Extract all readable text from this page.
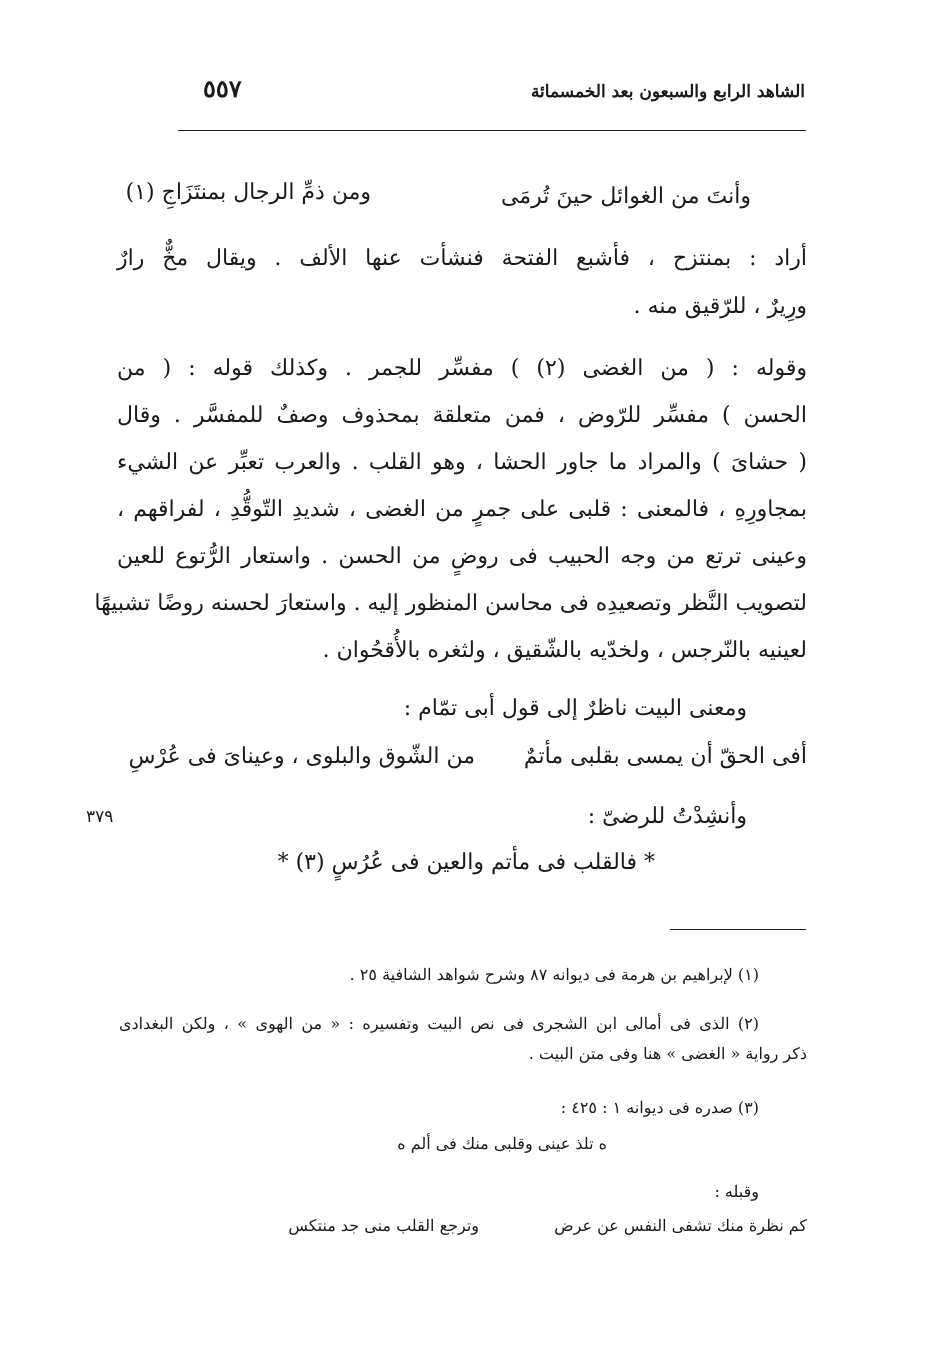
الشاهد الرابع والسبعون بعد الخمسمائة
٥٥٧
٣٧٩
وأنتَ من الغوائل حينَ تُرمَى
ومن ذمِّ الرجال بمنتَزَاجِ (١)
أراد : بمنتزح ، فأشبع الفتحة فنشأت عنها الألف . ويقال مخٌّ رارٌ
ورِيرٌ ، للرّقيق منه .
وقوله : ( من الغضى (٢) ) مفسِّر للجمر . وكذلك قوله : ( من
الحسن ) مفسِّر للرّوض ، فمن متعلقة بمحذوف وصفٌ للمفسَّر . وقال
( حشاىَ ) والمراد ما جاور الحشا ، وهو القلب . والعرب تعبِّر عن الشيء
بمجاورِهِ ، فالمعنى : قلبى على جمرٍ من الغضى ، شديدِ التّوقُّدِ ، لفراقهم ،
وعينى ترتع من وجه الحبيب فى روضٍ من الحسن . واستعار الرُّتوع للعين
لتصويب النَّظر وتصعيدِه فى محاسن المنظور إليه . واستعارَ لحسنه روضًا تشبيهًا
لعينيه بالنّرجس ، ولخدّيه بالشّقيق ، ولثغره بالأُقحُوان .
ومعنى البيت ناظرٌ إلى قول أبى تمّام :
أفى الحقّ أن يمسى بقلبى مأتمٌ
من الشّوق والبلوى ، وعيناىَ فى عُرْسِ
وأنشِدْتُ للرضىّ :
* فالقلب فى مأتم والعين فى عُرُسٍ (٣) *
(١) لإبراهيم بن هرمة فى ديوانه ٨٧ وشرح شواهد الشافية ٢٥ .
(٢) الذى فى أمالى ابن الشجرى فى نص البيت وتفسيره : « من الهوى » ، ولكن البغدادى
ذكر رواية « الغضى » هنا وفى متن البيت .
(٣) صدره فى ديوانه ١ : ٤٢٥ :
ه تلذ عينى وقلبى منك فى ألم ه
وقبله :
كم نظرة منك تشفى النفس عن عرض
وترجع القلب منى جد منتكس
